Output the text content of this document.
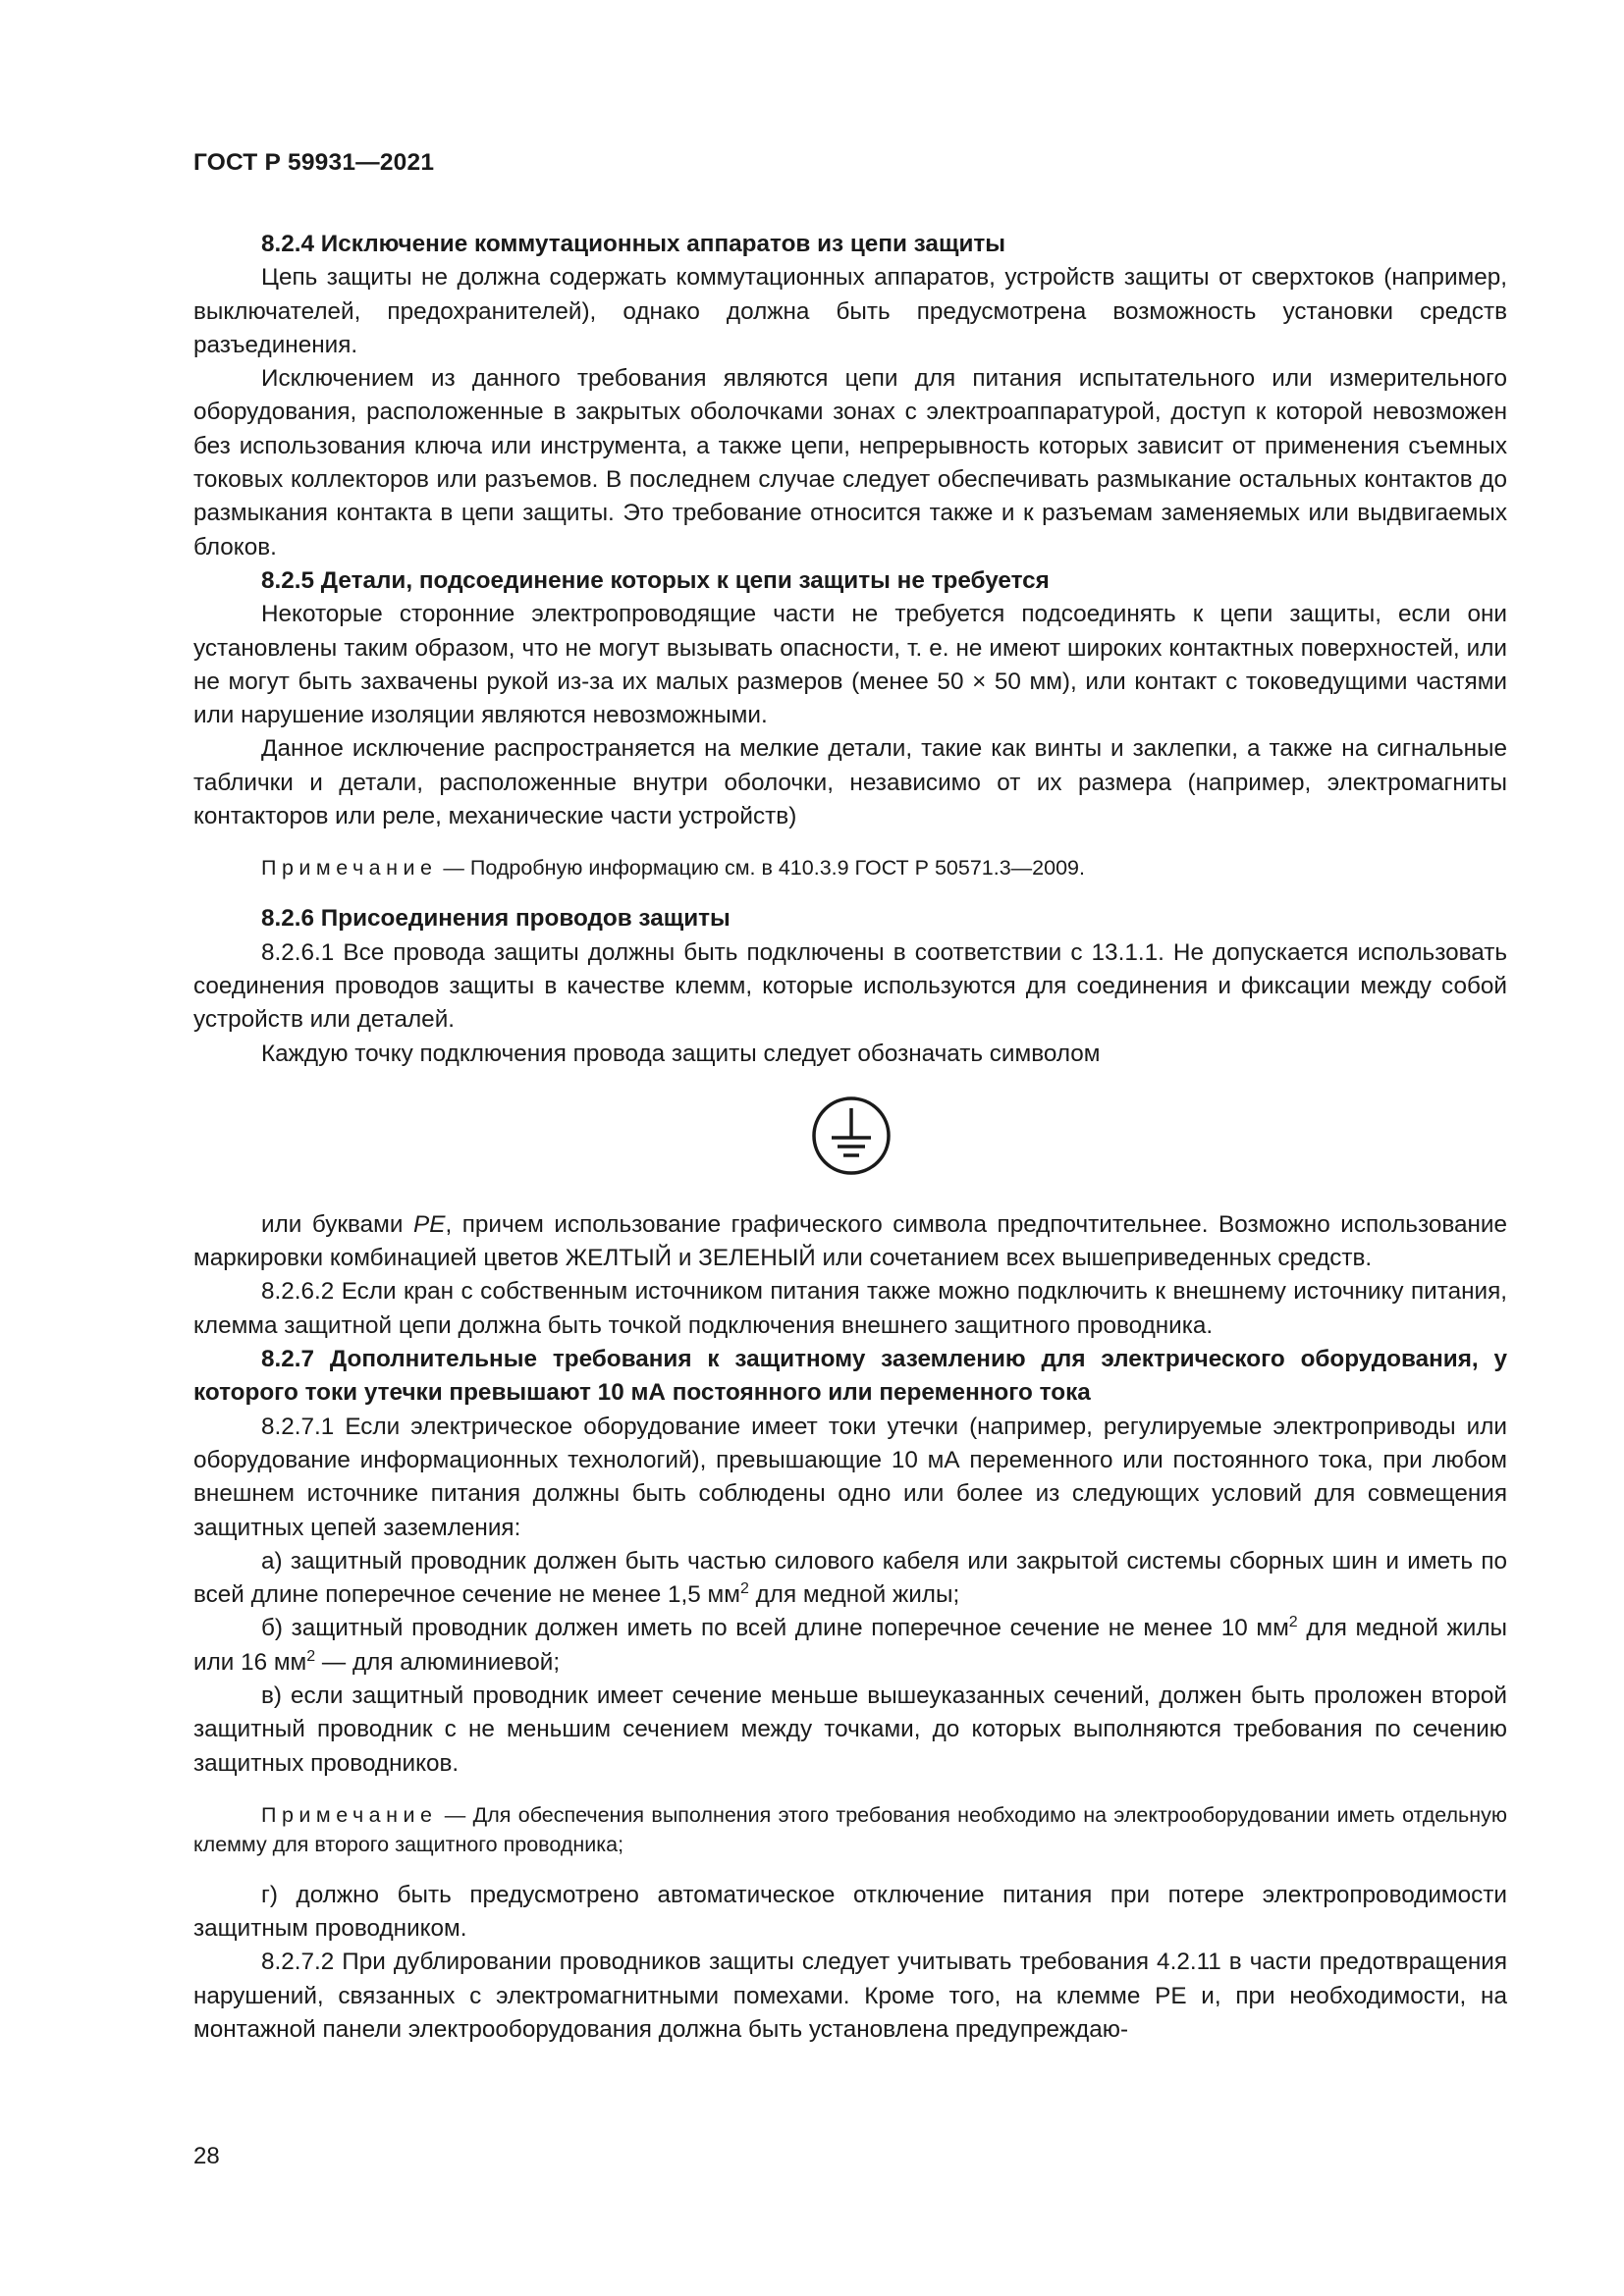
ГОСТ Р 59931—2021

8.2.4 Исключение коммутационных аппаратов из цепи защиты

Цепь защиты не должна содержать коммутационных аппаратов, устройств защиты от сверхтоков (например, выключателей, предохранителей), однако должна быть предусмотрена возможность установки средств разъединения.

Исключением из данного требования являются цепи для питания испытательного или измерительного оборудования, расположенные в закрытых оболочками зонах с электроаппаратурой, доступ к которой невозможен без использования ключа или инструмента, а также цепи, непрерывность которых зависит от применения съемных токовых коллекторов или разъемов. В последнем случае следует обеспечивать размыкание остальных контактов до размыкания контакта в цепи защиты. Это требование относится также и к разъемам заменяемых или выдвигаемых блоков.

8.2.5 Детали, подсоединение которых к цепи защиты не требуется

Некоторые сторонние электропроводящие части не требуется подсоединять к цепи защиты, если они установлены таким образом, что не могут вызывать опасности, т. е. не имеют широких контактных поверхностей, или не могут быть захвачены рукой из-за их малых размеров (менее 50 × 50 мм), или контакт с токоведущими частями или нарушение изоляции являются невозможными.

Данное исключение распространяется на мелкие детали, такие как винты и заклепки, а также на сигнальные таблички и детали, расположенные внутри оболочки, независимо от их размера (например, электромагниты контакторов или реле, механические части устройств)

Примечание — Подробную информацию см. в 410.3.9 ГОСТ Р 50571.3—2009.

8.2.6 Присоединения проводов защиты

8.2.6.1 Все провода защиты должны быть подключены в соответствии с 13.1.1. Не допускается использовать соединения проводов защиты в качестве клемм, которые используются для соединения и фиксации между собой устройств или деталей.

Каждую точку подключения провода защиты следует обозначать символом

или буквами PE, причем использование графического символа предпочтительнее. Возможно использование маркировки комбинацией цветов ЖЕЛТЫЙ и ЗЕЛЕНЫЙ или сочетанием всех вышеприведенных средств.

8.2.6.2 Если кран с собственным источником питания также можно подключить к внешнему источнику питания, клемма защитной цепи должна быть точкой подключения внешнего защитного проводника.

8.2.7 Дополнительные требования к защитному заземлению для электрического оборудования, у которого токи утечки превышают 10 мА постоянного или переменного тока

8.2.7.1 Если электрическое оборудование имеет токи утечки (например, регулируемые электроприводы или оборудование информационных технологий), превышающие 10 мА переменного или постоянного тока, при любом внешнем источнике питания должны быть соблюдены одно или более из следующих условий для совмещения защитных цепей заземления:

а) защитный проводник должен быть частью силового кабеля или закрытой системы сборных шин и иметь по всей длине поперечное сечение не менее 1,5 $мм^2$ для медной жилы;

б) защитный проводник должен иметь по всей длине поперечное сечение не менее 10 $мм^2$ для медной жилы или 16 $мм^2$ — для алюминиевой;

в) если защитный проводник имеет сечение меньше вышеуказанных сечений, должен быть проложен второй защитный проводник с не меньшим сечением между точками, до которых выполняются требования по сечению защитных проводников.

Примечание — Для обеспечения выполнения этого требования необходимо на электрооборудовании иметь отдельную клемму для второго защитного проводника;

г) должно быть предусмотрено автоматическое отключение питания при потере электропроводимости защитным проводником.

8.2.7.2 При дублировании проводников защиты следует учитывать требования 4.2.11 в части предотвращения нарушений, связанных с электромагнитными помехами. Кроме того, на клемме PE и, при необходимости, на монтажной панели электрооборудования должна быть установлена предупреждаю-

28
